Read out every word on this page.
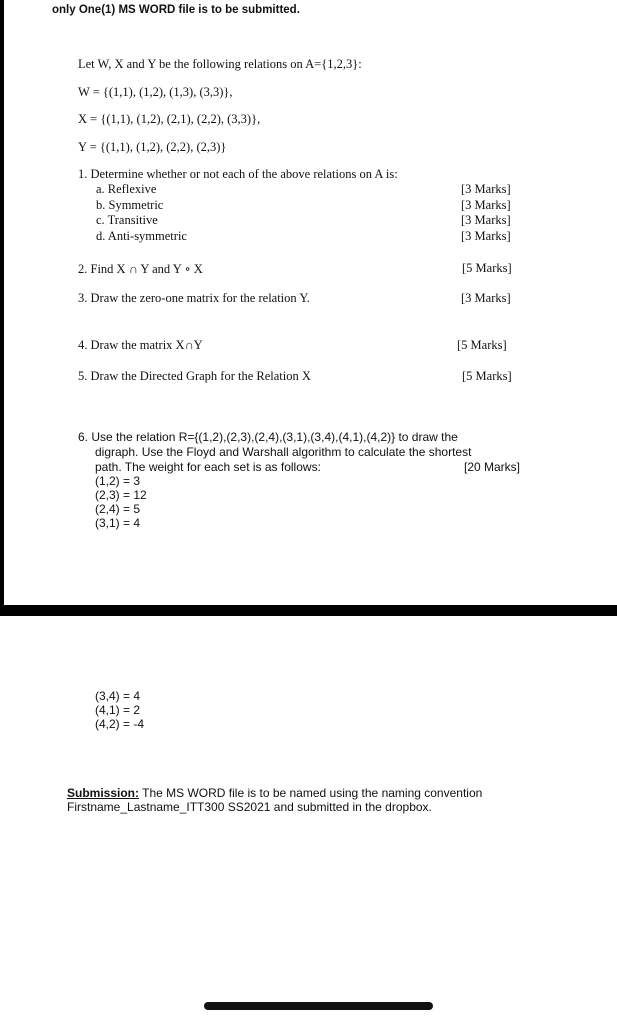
only One(1) MS WORD file is to be submitted.
Let W, X and Y be the following relations on A={1,2,3}:
W = {(1,1), (1,2), (1,3), (3,3)},
X = {(1,1), (1,2), (2,1), (2,2), (3,3)},
Y = {(1,1), (1,2), (2,2), (2,3)}
1. Determine whether or not each of the above relations on A is:
a. Reflexive	[3 Marks]
b. Symmetric	[3 Marks]
c. Transitive	[3 Marks]
d. Anti-symmetric	[3 Marks]
2. Find X ∩ Y and Y ∘ X	[5 Marks]
3. Draw the zero-one matrix for the relation Y.	[3 Marks]
4. Draw the matrix X∩Y	[5 Marks]
5. Draw the Directed Graph for the Relation X	[5 Marks]
6. Use the relation R={(1,2),(2,3),(2,4),(3,1),(3,4),(4,1),(4,2)} to draw the
digraph. Use the Floyd and Warshall algorithm to calculate the shortest
path. The weight for each set is as follows:	[20 Marks]
(1,2) = 3
(2,3) = 12
(2,4) = 5
(3,1) = 4
(3,4) = 4
(4,1) = 2
(4,2) = -4
Submission: The MS WORD file is to be named using the naming convention
Firstname_Lastname_ITT300 SS2021 and submitted in the dropbox.
